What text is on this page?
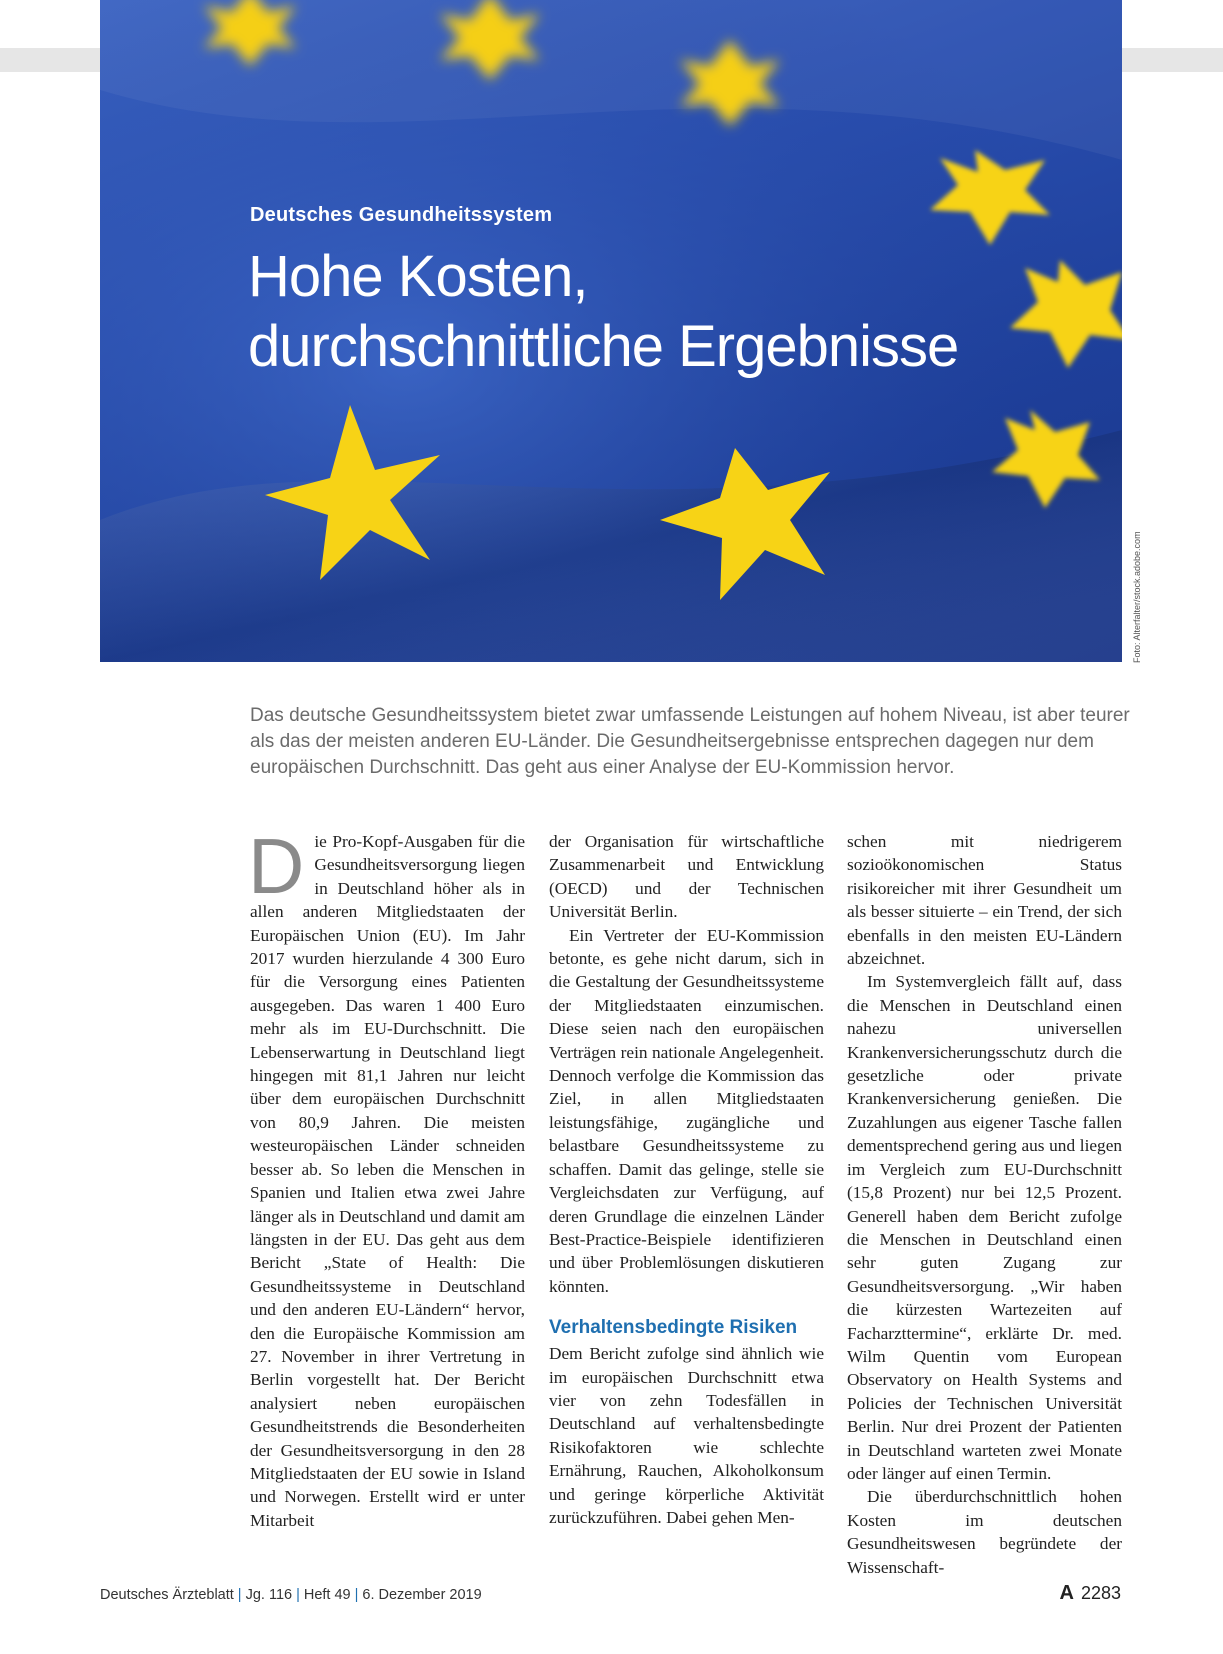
Deutsches Gesundheitssystem
Hohe Kosten,
durchschnittliche Ergebnisse
Foto: Alterfalter/stock.adobe.com

Das deutsche Gesundheitssystem bietet zwar umfassende Leistungen auf hohem Niveau, ist aber teurer als das der meisten anderen EU-Länder. Die Gesundheitsergebnisse entsprechen dagegen nur dem europäischen Durchschnitt. Das geht aus einer Analyse der EU-Kommission hervor.

D ie Pro-Kopf-Ausgaben für die Gesundheitsversorgung liegen in Deutschland höher als in allen anderen Mitgliedstaaten der Europäischen Union (EU). Im Jahr 2017 wurden hierzulande 4 300 Euro für die Versorgung eines Patienten ausgegeben. Das waren 1 400 Euro mehr als im EU-Durchschnitt. Die Lebenserwartung in Deutschland liegt hingegen mit 81,1 Jahren nur leicht über dem europäischen Durchschnitt von 80,9 Jahren. Die meisten westeuropäischen Länder schneiden besser ab. So leben die Menschen in Spanien und Italien etwa zwei Jahre länger als in Deutschland und damit am längsten in der EU. Das geht aus dem Bericht „State of Health: Die Gesundheitssysteme in Deutschland und den anderen EU-Ländern“ hervor, den die Europäische Kommission am 27. November in ihrer Vertretung in Berlin vorgestellt hat. Der Bericht analysiert neben europäischen Gesundheitstrends die Besonderheiten der Gesundheitsversorgung in den 28 Mitgliedstaaten der EU sowie in Island und Norwegen. Erstellt wird er unter Mitarbeit

der Organisation für wirtschaftliche Zusammenarbeit und Entwicklung (OECD) und der Technischen Universität Berlin.

Ein Vertreter der EU-Kommission betonte, es gehe nicht darum, sich in die Gestaltung der Gesundheitssysteme der Mitgliedstaaten einzumischen. Diese seien nach den europäischen Verträgen rein nationale Angelegenheit. Dennoch verfolge die Kommission das Ziel, in allen Mitgliedstaaten leistungsfähige, zugängliche und belastbare Gesundheitssysteme zu schaffen. Damit das gelinge, stelle sie Vergleichsdaten zur Verfügung, auf deren Grundlage die einzelnen Länder Best-Practice-Beispiele identifizieren und über Problemlösungen diskutieren könnten.

Verhaltensbedingte Risiken

Dem Bericht zufolge sind ähnlich wie im europäischen Durchschnitt etwa vier von zehn Todesfällen in Deutschland auf verhaltensbedingte Risikofaktoren wie schlechte Ernährung, Rauchen, Alkoholkonsum und geringe körperliche Aktivität zurückzuführen. Dabei gehen Men-

schen mit niedrigerem sozioökonomischen Status risikoreicher mit ihrer Gesundheit um als besser situierte – ein Trend, der sich ebenfalls in den meisten EU-Ländern abzeichnet.

Im Systemvergleich fällt auf, dass die Menschen in Deutschland einen nahezu universellen Krankenversicherungsschutz durch die gesetzliche oder private Krankenversicherung genießen. Die Zuzahlungen aus eigener Tasche fallen dementsprechend gering aus und liegen im Vergleich zum EU-Durchschnitt (15,8 Prozent) nur bei 12,5 Prozent. Generell haben dem Bericht zufolge die Menschen in Deutschland einen sehr guten Zugang zur Gesundheitsversorgung. „Wir haben die kürzesten Wartezeiten auf Facharzttermine“, erklärte Dr. med. Wilm Quentin vom European Observatory on Health Systems and Policies der Technischen Universität Berlin. Nur drei Prozent der Patienten in Deutschland warteten zwei Monate oder länger auf einen Termin.

Die überdurchschnittlich hohen Kosten im deutschen Gesundheitswesen begründete der Wissenschaft-

Deutsches Ärzteblatt | Jg. 116 | Heft 49 | 6. Dezember 2019	A 2283
